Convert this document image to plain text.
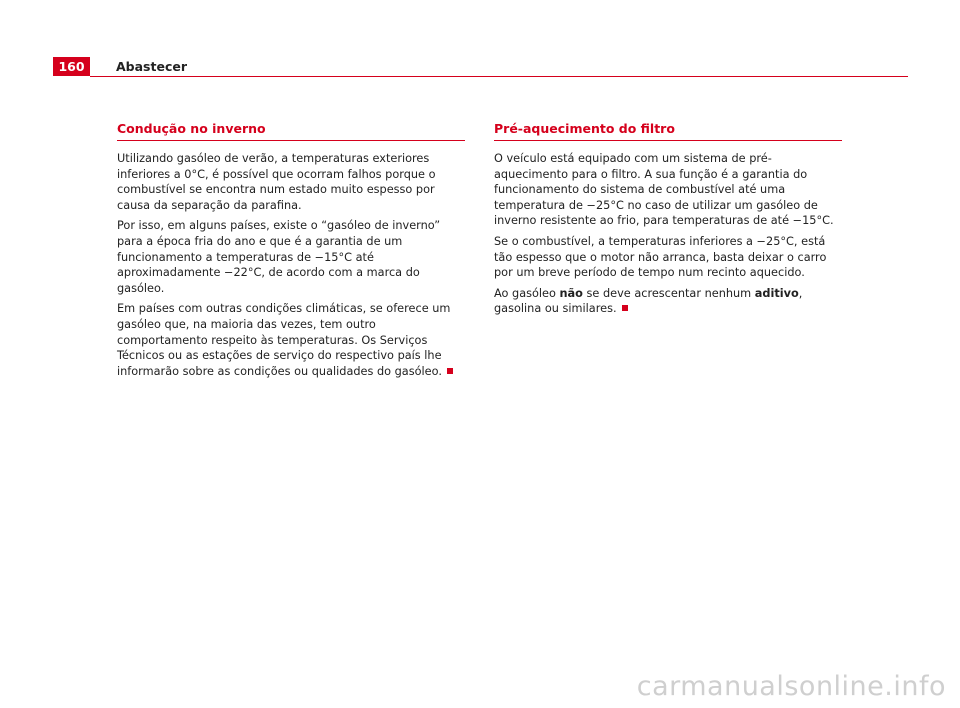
160	Abastecer
Condução no inverno

Utilizando gasóleo de verão, a temperaturas exteriores inferiores a 0°C, é possível que ocorram falhos porque o combustível se encontra num estado muito espesso por causa da separação da parafina.

Por isso, em alguns países, existe o “gasóleo de inverno” para a época fria do ano e que é a garantia de um funcionamento a temperaturas de −15°C até aproximadamente −22°C, de acordo com a marca do gasóleo.

Em países com outras condições climáticas, se oferece um gasóleo que, na maioria das vezes, tem outro comportamento respeito às temperaturas. Os Serviços Técnicos ou as estações de serviço do respectivo país lhe informarão sobre as condições ou qualidades do gasóleo.

Pré-aquecimento do filtro

O veículo está equipado com um sistema de pré-aquecimento para o filtro. A sua função é a garantia do funcionamento do sistema de combustível até uma temperatura de −25°C no caso de utilizar um gasóleo de inverno resistente ao frio, para temperaturas de até −15°C.

Se o combustível, a temperaturas inferiores a −25°C, está tão espesso que o motor não arranca, basta deixar o carro por um breve período de tempo num recinto aquecido.

Ao gasóleo não se deve acrescentar nenhum aditivo, gasolina ou similares.

carmanualsonline.info
